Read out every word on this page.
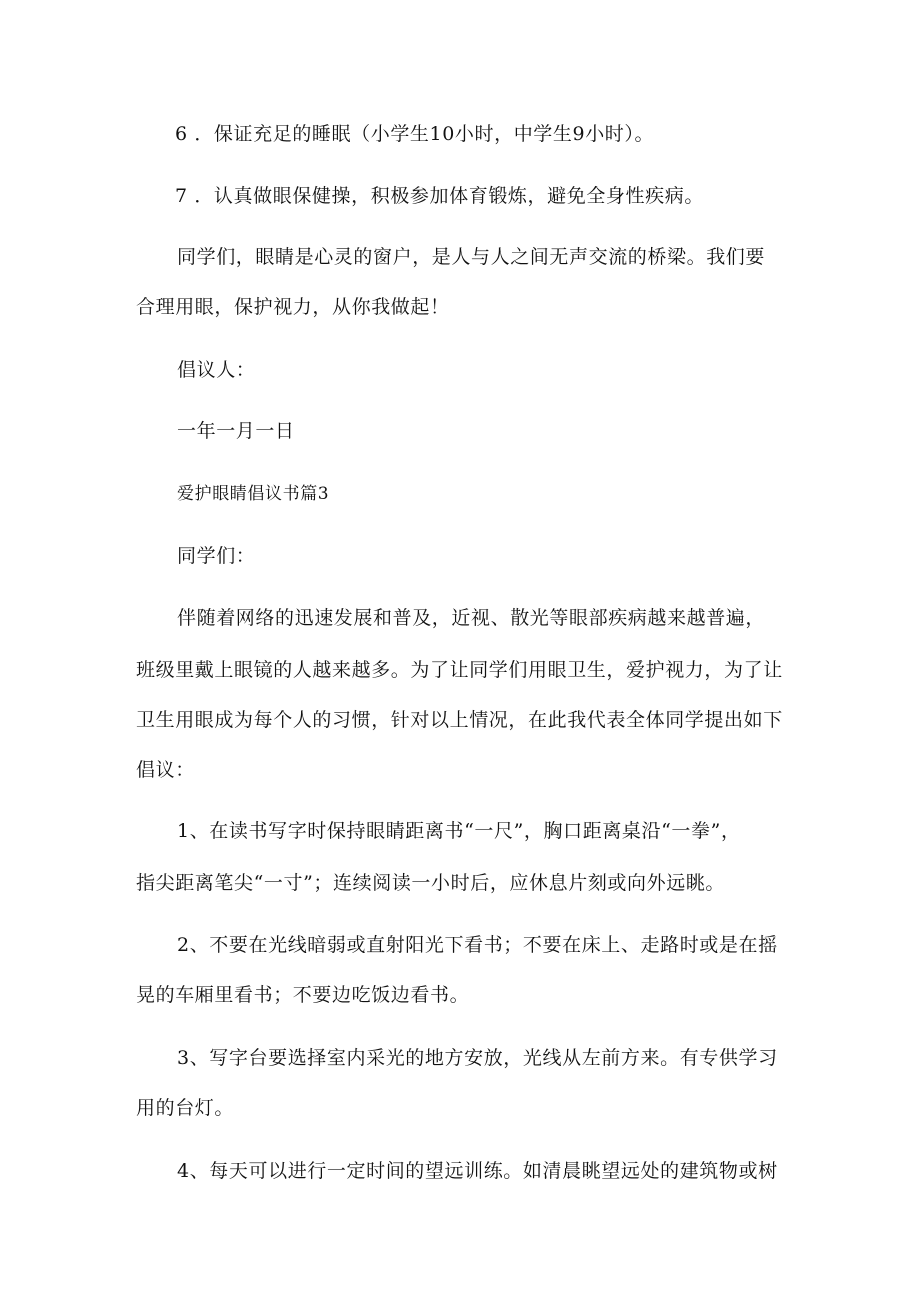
6 ．保证充足的睡眠（小学生10小时，中学生9小时）。
7 ．认真做眼保健操，积极参加体育锻炼，避免全身性疾病。
同学们，眼睛是心灵的窗户，是人与人之间无声交流的桥梁。我们要
合理用眼，保护视力，从你我做起！
倡议人：
一年一月一日
爱护眼睛倡议书篇3
同学们：
伴随着网络的迅速发展和普及，近视、散光等眼部疾病越来越普遍，
班级里戴上眼镜的人越来越多。为了让同学们用眼卫生，爱护视力，为了让
卫生用眼成为每个人的习惯，针对以上情况，在此我代表全体同学提出如下
倡议：
1、在读书写字时保持眼睛距离书“一尺”，胸口距离桌沿“一拳”，
指尖距离笔尖“一寸”；连续阅读一小时后，应休息片刻或向外远眺。
2、不要在光线暗弱或直射阳光下看书；不要在床上、走路时或是在摇
晃的车厢里看书；不要边吃饭边看书。
3、写字台要选择室内采光的地方安放，光线从左前方来。有专供学习
用的台灯。
4、每天可以进行一定时间的望远训练。如清晨眺望远处的建筑物或树
